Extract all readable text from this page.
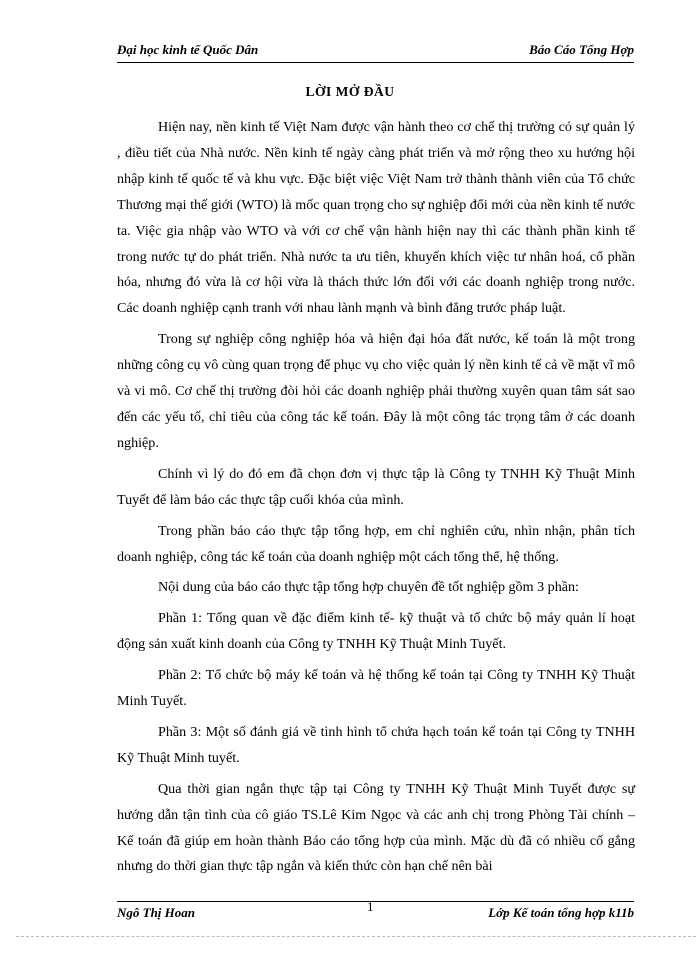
Đại học kinh tế Quốc Dân	Báo Cáo Tổng Hợp
LỜI MỞ ĐẦU

Hiện nay, nền kinh tế Việt Nam được vận hành theo cơ chế thị trường có sự quản lý , điều tiết của Nhà nước. Nền kinh tế ngày càng phát triển và mở rộng theo xu hướng hội nhập kinh tế quốc tế và khu vực. Đặc biệt việc Việt Nam trở thành thành viên của Tổ chức Thương mại thế giới (WTO) là mốc quan trọng cho sự nghiệp đổi mới của nền kinh tế nước ta. Việc gia nhập vào WTO và với cơ chế vận hành hiện nay thì các thành phần kinh tế trong nước tự do phát triển. Nhà nước ta ưu tiên, khuyến khích việc tư nhân hoá, cổ phần hóa, nhưng đó vừa là cơ hội vừa là thách thức lớn đối với các doanh nghiệp trong nước. Các doanh nghiệp cạnh tranh với nhau lành mạnh và bình đẳng trước pháp luật.

Trong sự nghiệp công nghiệp hóa và hiện đại hóa đất nước, kế toán là một trong những công cụ vô cùng quan trọng để phục vụ cho việc quản lý nền kinh tế cả về mặt vĩ mô và vi mô. Cơ chế thị trường đòi hỏi các doanh nghiệp phải thường xuyên quan tâm sát sao đến các yếu tố, chỉ tiêu của công tác kế toán. Đây là một công tác trọng tâm ở các doanh nghiệp.

Chính vì lý do đó em đã chọn đơn vị thực tập là Công ty TNHH Kỹ Thuật Minh Tuyết để làm báo các thực tập cuối khóa của mình.

Trong phần báo cáo thực tập tổng hợp, em chỉ nghiên cứu, nhìn nhận, phân tích doanh nghiệp, công tác kế toán của doanh nghiệp một cách tổng thể, hệ thống.

Nội dung của báo cáo thực tập tổng hợp chuyên đề tốt nghiệp gồm 3 phần:

Phần 1: Tổng quan về đặc điểm kinh tế- kỹ thuật và tổ chức bộ máy quản lí hoạt động sản xuất kinh doanh của Công ty TNHH Kỹ Thuật Minh Tuyết.

Phần 2: Tổ chức bộ máy kế toán và hệ thống kế toán tại Công ty TNHH Kỹ Thuật Minh Tuyết.

Phần 3: Một số đánh giá về tình hình tổ chứa hạch toán kế toán tại Công ty TNHH Kỹ Thuật Minh tuyết.

Qua thời gian ngắn thực tập tại Công ty TNHH Kỹ Thuật Minh Tuyết được sự hướng dẫn tận tình của cô giáo TS.Lê Kim Ngọc và các anh chị trong Phòng Tài chính – Kế toán đã giúp em hoàn thành Báo cáo tổng hợp của mình. Mặc dù đã có nhiều cố gắng nhưng do thời gian thực tập ngắn và kiến thức còn hạn chế nên bài

Ngô Thị Hoan	1	Lớp Kế toán tổng hợp k11b
